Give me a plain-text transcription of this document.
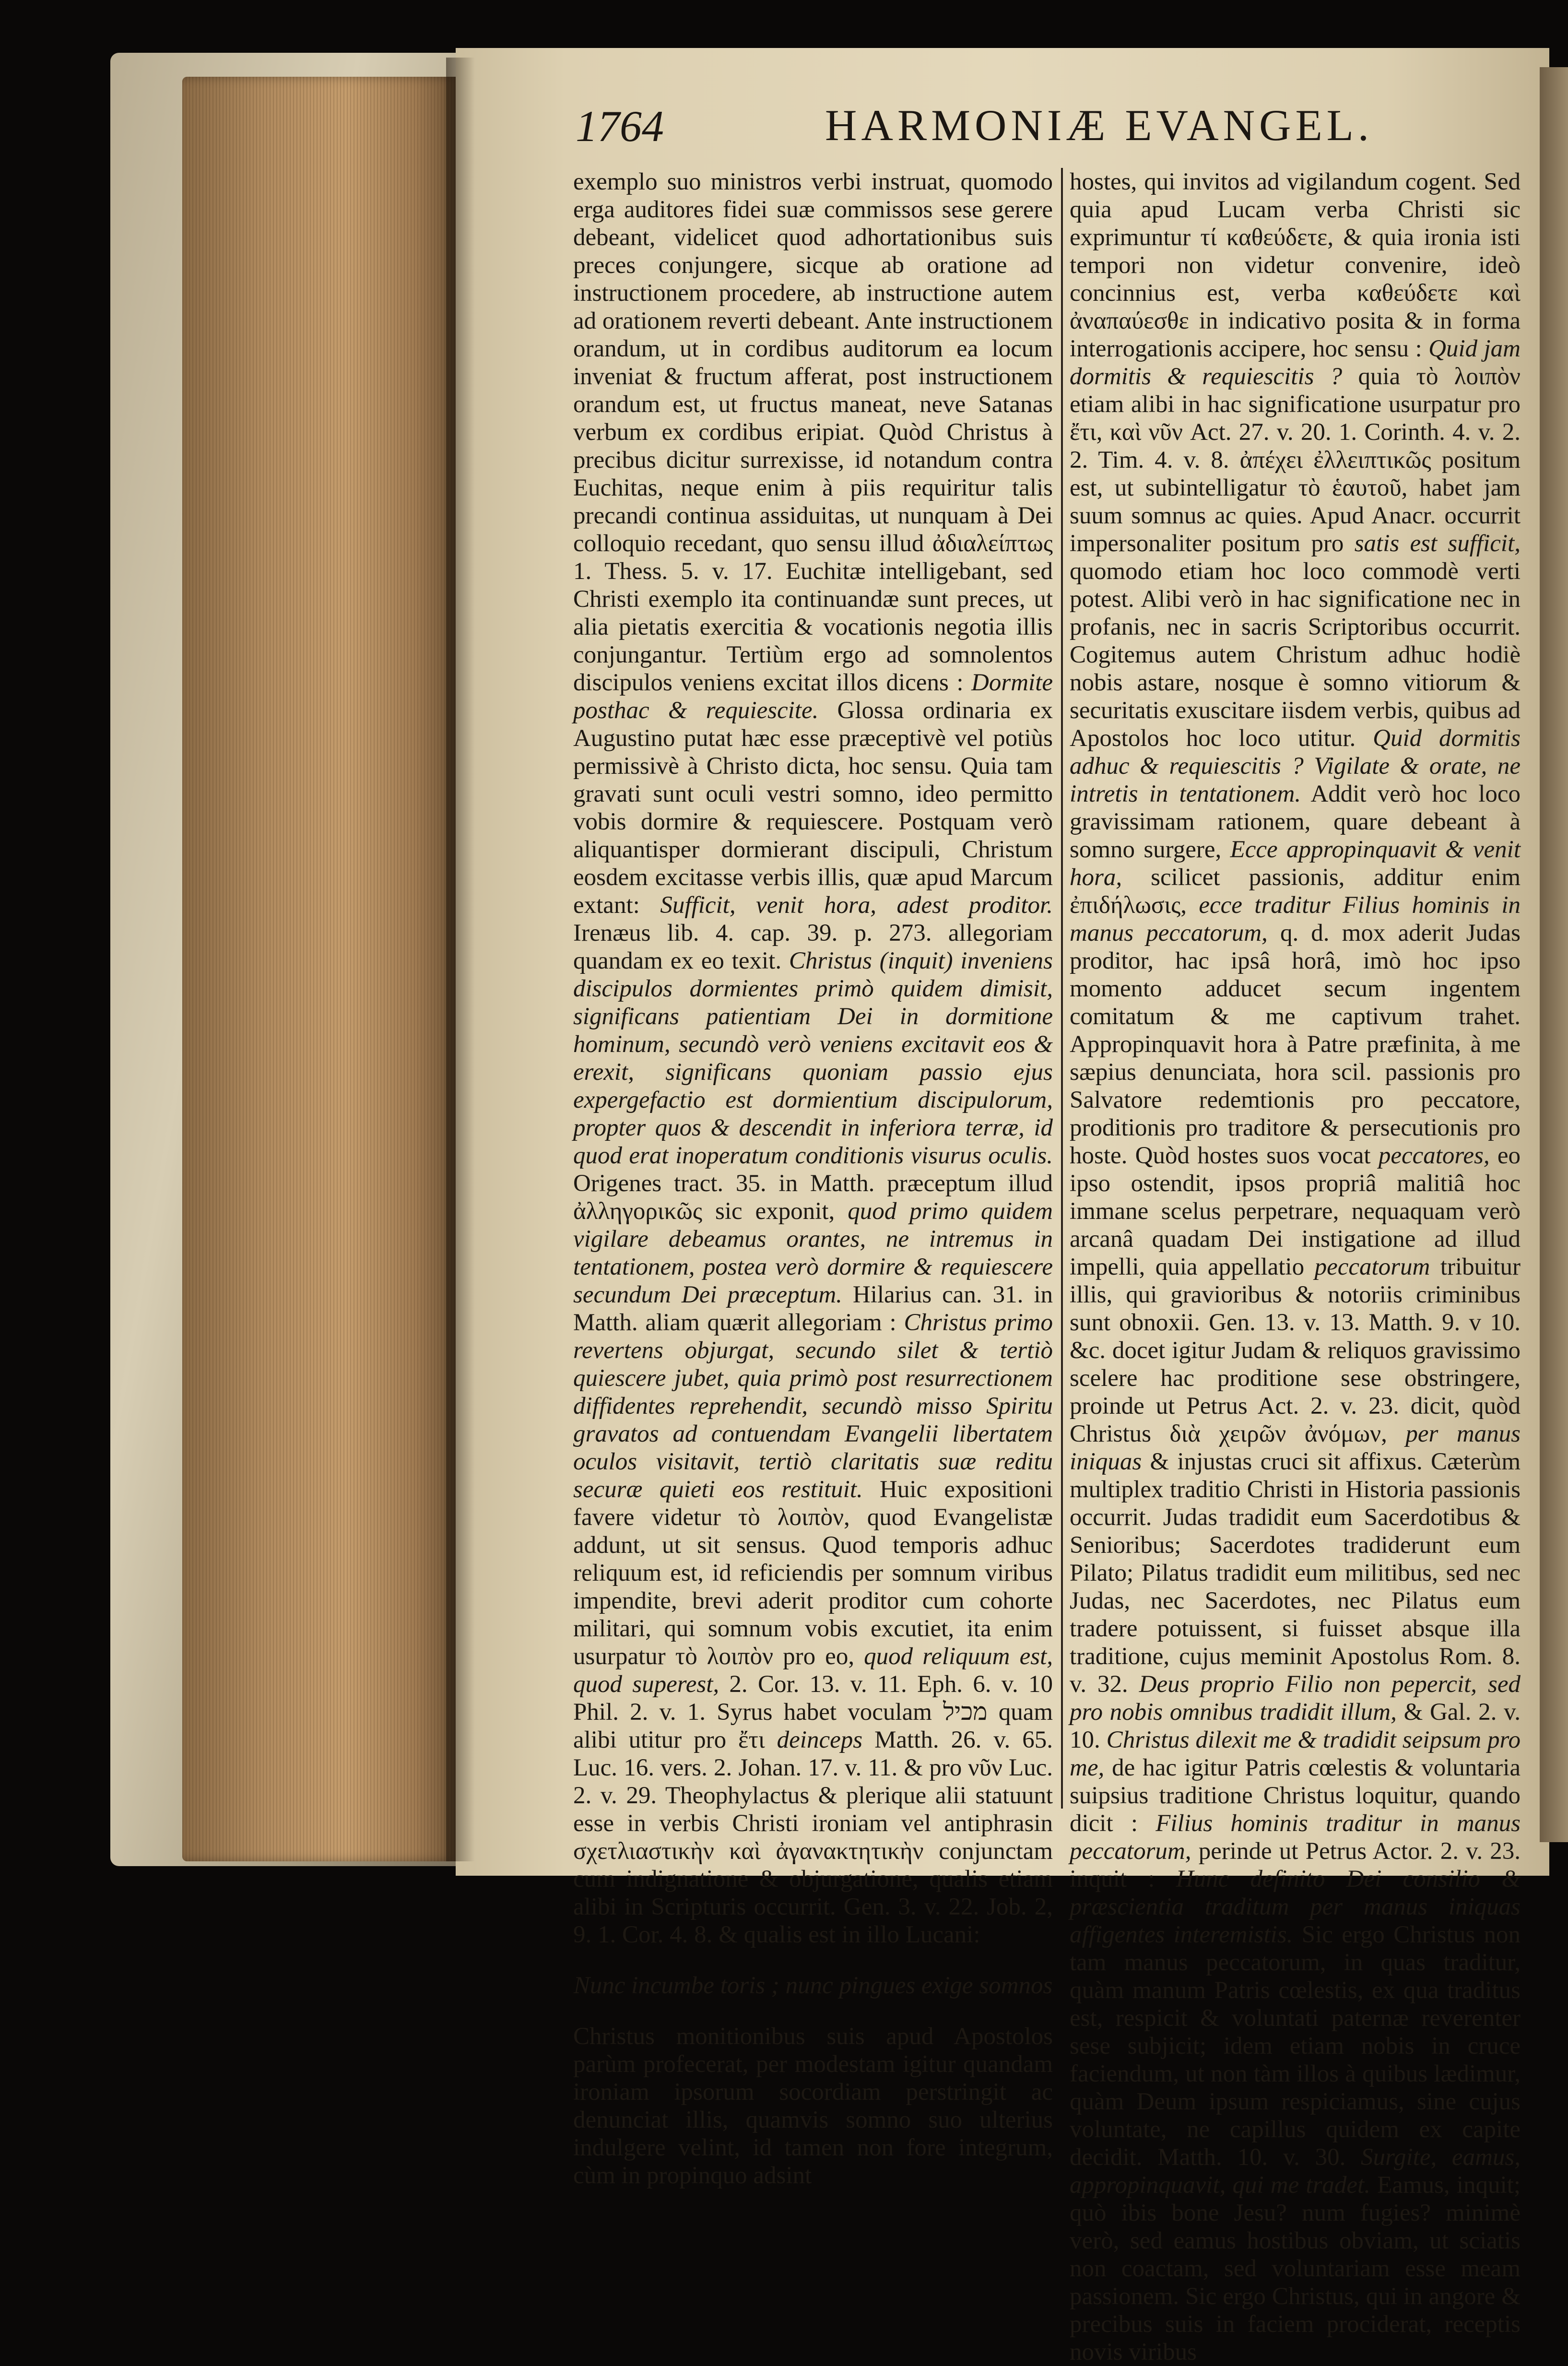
1764	HARMONIÆ EVANGEL.

exemplo suo ministros verbi instruat, quomodo erga auditores fidei suæ commissos sese gerere debeant, videlicet quod adhortationibus suis preces conjungere, sicque ab oratione ad instructionem procedere, ab instructione autem ad orationem reverti debeant. Ante instructionem orandum, ut in cordibus auditorum ea locum inveniat & fructum afferat, post instructionem orandum est, ut fructus maneat, neve Satanas verbum ex cordibus eripiat. Quòd Christus à precibus dicitur surrexisse, id notandum contra Euchitas, neque enim à piis requiritur talis precandi continua assiduitas, ut nunquam à Dei colloquio recedant, quo sensu illud ἀδιαλείπτως 1. Thess. 5. v. 17. Euchitæ intelligebant, sed Christi exemplo ita continuandæ sunt preces, ut alia pietatis exercitia & vocationis negotia illis conjungantur. Tertiùm ergo ad somnolentos discipulos veniens excitat illos dicens : Dormite posthac & requiescite. Glossa ordinaria ex Augustino putat hæc esse præceptivè vel potiùs permissivè à Christo dicta, hoc sensu. Quia tam gravati sunt oculi vestri somno, ideo permitto vobis dormire & requiescere. Postquam verò aliquantisper dormierant discipuli, Christum eosdem excitasse verbis illis, quæ apud Marcum extant: Sufficit, venit hora, adest proditor. Irenæus lib. 4. cap. 39. p. 273. allegoriam quandam ex eo texit. Christus (inquit) inveniens discipulos dormientes primò quidem dimisit, significans patientiam Dei in dormitione hominum, secundò verò veniens excitavit eos & erexit, significans quoniam passio ejus expergefactio est dormientium discipulorum, propter quos & descendit in inferiora terræ, id quod erat inoperatum conditionis visurus oculis. Origenes tract. 35. in Matth. præceptum illud ἀλληγορικῶς sic exponit, quod primo quidem vigilare debeamus orantes, ne intremus in tentationem, postea verò dormire & requiescere secundum Dei præceptum. Hilarius can. 31. in Matth. aliam quærit allegoriam : Christus primo revertens objurgat, secundo silet & tertiò quiescere jubet, quia primò post resurrectionem diffidentes reprehendit, secundò misso Spiritu gravatos ad contuendam Evangelii libertatem oculos visitavit, tertiò claritatis suæ reditu securæ quieti eos restituit. Huic expositioni favere videtur τὸ λοιπὸν, quod Evangelistæ addunt, ut sit sensus. Quod temporis adhuc reliquum est, id reficiendis per somnum viribus impendite, brevi aderit proditor cum cohorte militari, qui somnum vobis excutiet, ita enim usurpatur τὸ λοιπὸν pro eo, quod reliquum est, quod superest, 2. Cor. 13. v. 11. Eph. 6. v. 10 Phil. 2. v. 1. Syrus habet voculam מכיל quam alibi utitur pro ἔτι deinceps Matth. 26. v. 65. Luc. 16. vers. 2. Johan. 17. v. 11. & pro νῦν Luc. 2. v. 29. Theophylactus & plerique alii statuunt esse in verbis Christi ironiam vel antiphrasin σχετλιαστικὴν καὶ ἀγανακτητικὴν conjunctam cum indignatione & objurgatione, qualis etiam alibi in Scripturis occurrit. Gen. 3. v. 22. Job. 2, 9. 1. Cor. 4. 8. & qualis est in illo Lucani:

Nunc incumbe toris ; nunc pingues exige somnos

Christus monitionibus suis apud Apostolos parùm profecerat, per modestam igitur quandam ironiam ipsorum socordiam perstringit ac denunciat illis, quamvis somno suo ulterius indulgere velint, id tamen non fore integrum, cùm in propinquo adsint

hostes, qui invitos ad vigilandum cogent. Sed quia apud Lucam verba Christi sic exprimuntur τί καθεύδετε, & quia ironia isti tempori non videtur convenire, ideò concinnius est, verba καθεύδετε καὶ ἀναπαύεσθε in indicativo posita & in forma interrogationis accipere, hoc sensu : Quid jam dormitis & requiescitis ? quia τὸ λοιπὸν etiam alibi in hac significatione usurpatur pro ἔτι, καὶ νῦν Act. 27. v. 20. 1. Corinth. 4. v. 2. 2. Tim. 4. v. 8. ἀπέχει ἐλλειπτικῶς positum est, ut subintelligatur τὸ ἑαυτοῦ, habet jam suum somnus ac quies. Apud Anacr. occurrit impersonaliter positum pro satis est sufficit, quomodo etiam hoc loco commodè verti potest. Alibi verò in hac significatione nec in profanis, nec in sacris Scriptoribus occurrit. Cogitemus autem Christum adhuc hodiè nobis astare, nosque è somno vitiorum & securitatis exuscitare iisdem verbis, quibus ad Apostolos hoc loco utitur. Quid dormitis adhuc & requiescitis ? Vigilate & orate, ne intretis in tentationem. Addit verò hoc loco gravissimam rationem, quare debeant à somno surgere, Ecce appropinquavit & venit hora, scilicet passionis, additur enim ἐπιδήλωσις, ecce traditur Filius hominis in manus peccatorum, q. d. mox aderit Judas proditor, hac ipsâ horâ, imò hoc ipso momento adducet secum ingentem comitatum & me captivum trahet. Appropinquavit hora à Patre præfinita, à me sæpius denunciata, hora scil. passionis pro Salvatore redemtionis pro peccatore, proditionis pro traditore & persecutionis pro hoste. Quòd hostes suos vocat peccatores, eo ipso ostendit, ipsos propriâ malitiâ hoc immane scelus perpetrare, nequaquam verò arcanâ quadam Dei instigatione ad illud impelli, quia appellatio peccatorum tribuitur illis, qui gravioribus & notoriis criminibus sunt obnoxii. Gen. 13. v. 13. Matth. 9. v 10. &c. docet igitur Judam & reliquos gravissimo scelere hac proditione sese obstringere, proinde ut Petrus Act. 2. v. 23. dicit, quòd Christus διὰ χειρῶν ἀνόμων, per manus iniquas & injustas cruci sit affixus. Cæterùm multiplex traditio Christi in Historia passionis occurrit. Judas tradidit eum Sacerdotibus & Senioribus; Sacerdotes tradiderunt eum Pilato; Pilatus tradidit eum militibus, sed nec Judas, nec Sacerdotes, nec Pilatus eum tradere potuissent, si fuisset absque illa traditione, cujus meminit Apostolus Rom. 8. v. 32. Deus proprio Filio non pepercit, sed pro nobis omnibus tradidit illum, & Gal. 2. v. 10. Christus dilexit me & tradidit seipsum pro me, de hac igitur Patris cœlestis & voluntaria suipsius traditione Christus loquitur, quando dicit : Filius hominis traditur in manus peccatorum, perinde ut Petrus Actor. 2. v. 23. inquit : Hunc definito Dei consilio & præscientia traditum per manus iniquas affigentes interemistis. Sic ergo Christus non tam manus peccatorum, in quas traditur, quàm manum Patris cœlestis, ex qua traditus est, respicit & voluntati paternæ reverenter sese subjicit; idem etiam nobis in cruce faciendum, ut non tàm illos à quibus lædimur, quàm Deum ipsum respiciamus, sine cujus voluntate, ne capillus quidem ex capite decidit. Matth. 10. v. 30. Surgite, eamus, appropinquavit, qui me tradet. Eamus, inquit; quò ibis bone Jesu? num fugies? minimè verò, sed eamus hostibus obviam, ut sciatis non coactam, sed voluntariam esse meam passionem. Sic ergo Christus, qui in angore & precibus suis in faciem prociderat, receptis novis viribus
